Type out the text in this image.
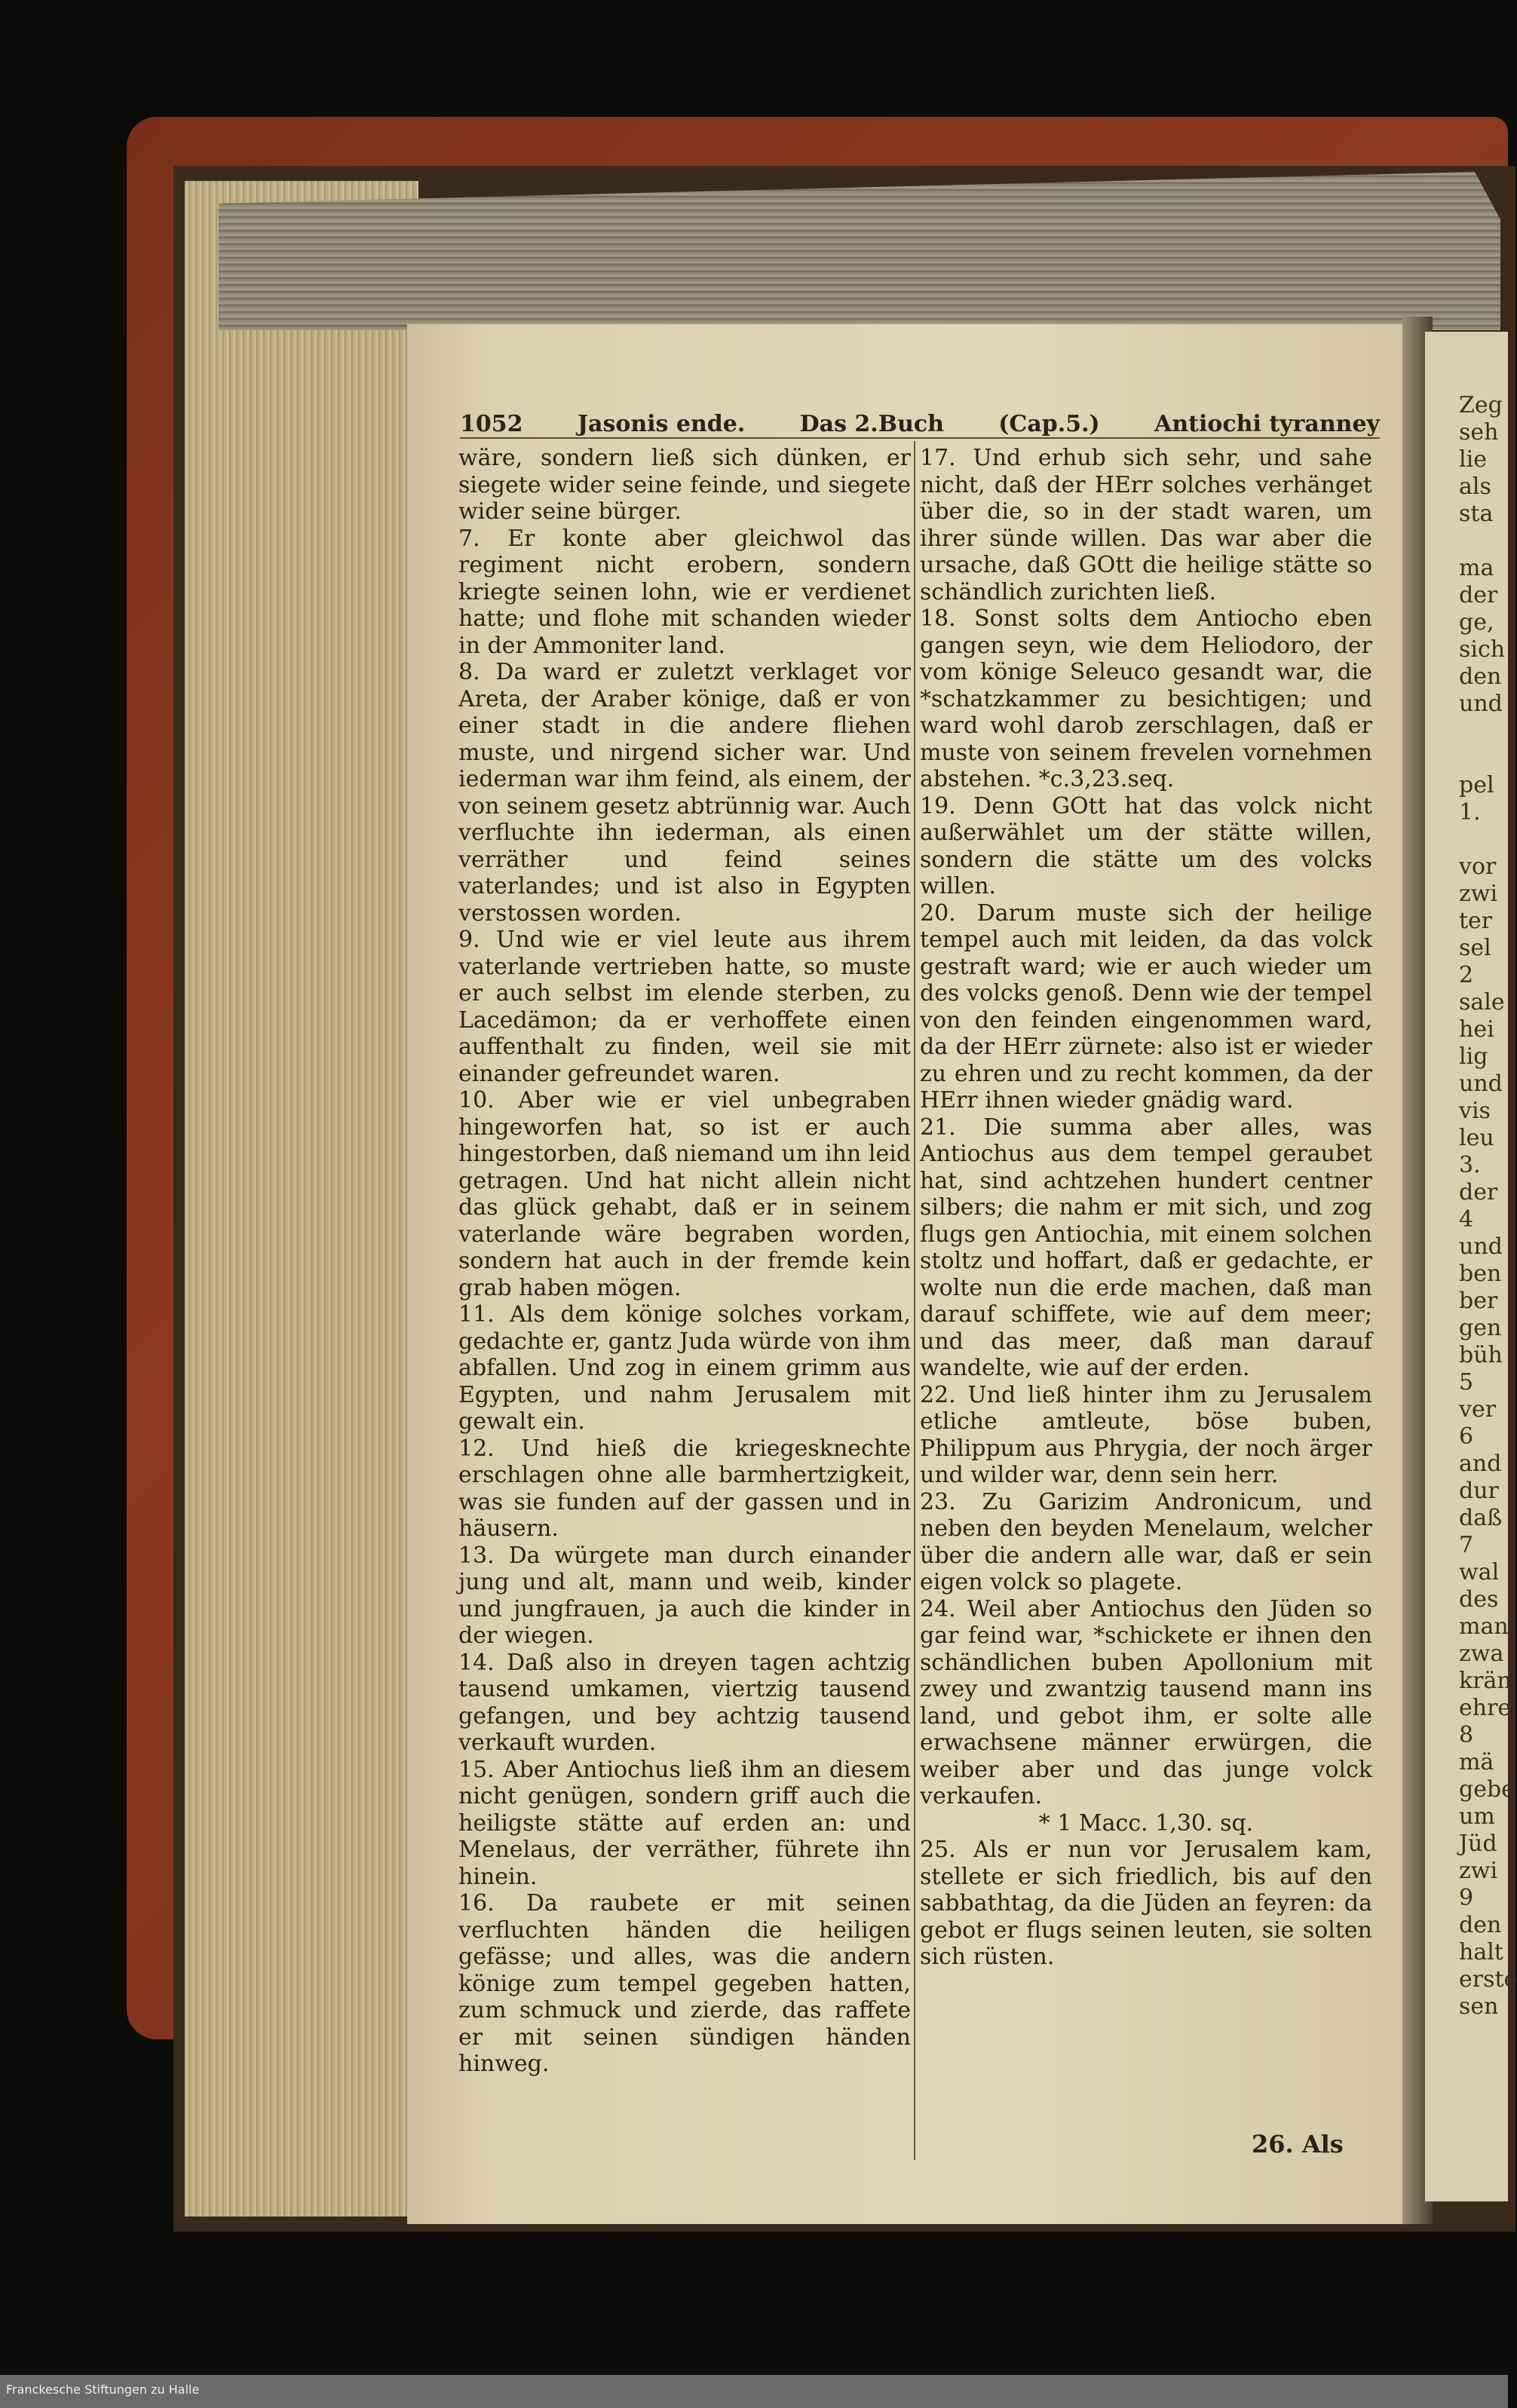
Zeg
seh
lie
als
sta

ma
der
ge,
sich
den
und

pel
1.

vor
zwi
ter
sel
2
sale
hei
lig
und
vis
leu
3.
der
4
und
ben
ber
gen
büh
5
ver
6
and
dur
daß
7
wal
des
man
zwa
krän
ehre
8
mä
gebe
um
Jüd
zwi
9
den
halt
erste
sen
1052 Jasonis ende. Das 2.Buch (Cap.5.) Antiochi tyranney

wäre, sondern ließ sich dünken, er siegete wider seine feinde, und siegete wider seine bürger.

7. Er konte aber gleichwol das regiment nicht erobern, sondern kriegte seinen lohn, wie er verdienet hatte; und flohe mit schanden wieder in der Ammoniter land.

8. Da ward er zuletzt verklaget vor Areta, der Araber könige, daß er von einer stadt in die andere fliehen muste, und nirgend sicher war. Und iederman war ihm feind, als einem, der von seinem gesetz abtrünnig war. Auch verfluchte ihn iederman, als einen verräther und feind seines vaterlandes; und ist also in Egypten verstossen worden.

9. Und wie er viel leute aus ihrem vaterlande vertrieben hatte, so muste er auch selbst im elende sterben, zu Lacedämon; da er verhoffete einen auffenthalt zu finden, weil sie mit einander gefreundet waren.

10. Aber wie er viel unbegraben hingeworfen hat, so ist er auch hingestorben, daß niemand um ihn leid getragen. Und hat nicht allein nicht das glück gehabt, daß er in seinem vaterlande wäre begraben worden, sondern hat auch in der fremde kein grab haben mögen.

11. Als dem könige solches vorkam, gedachte er, gantz Juda würde von ihm abfallen. Und zog in einem grimm aus Egypten, und nahm Jerusalem mit gewalt ein.

12. Und hieß die kriegesknechte erschlagen ohne alle barmhertzigkeit, was sie funden auf der gassen und in häusern.

13. Da würgete man durch einander jung und alt, mann und weib, kinder und jungfrauen, ja auch die kinder in der wiegen.

14. Daß also in dreyen tagen achtzig tausend umkamen, viertzig tausend gefangen, und bey achtzig tausend verkauft wurden.

15. Aber Antiochus ließ ihm an diesem nicht genügen, sondern griff auch die heiligste stätte auf erden an: und Menelaus, der verräther, führete ihn hinein.

16. Da raubete er mit seinen verfluchten händen die heiligen gefässe; und alles, was die andern könige zum tempel gegeben hatten, zum schmuck und zierde, das raffete er mit seinen sündigen händen hinweg.

17. Und erhub sich sehr, und sahe nicht, daß der HErr solches verhänget über die, so in der stadt waren, um ihrer sünde willen. Das war aber die ursache, daß GOtt die heilige stätte so schändlich zurichten ließ.

18. Sonst solts dem Antiocho eben gangen seyn, wie dem Heliodoro, der vom könige Seleuco gesandt war, die *schatzkammer zu besichtigen; und ward wohl darob zerschlagen, daß er muste von seinem frevelen vornehmen abstehen. *c.3,23.seq.

19. Denn GOtt hat das volck nicht außerwählet um der stätte willen, sondern die stätte um des volcks willen.

20. Darum muste sich der heilige tempel auch mit leiden, da das volck gestraft ward; wie er auch wieder um des volcks genoß. Denn wie der tempel von den feinden eingenommen ward, da der HErr zürnete: also ist er wieder zu ehren und zu recht kommen, da der HErr ihnen wieder gnädig ward.

21. Die summa aber alles, was Antiochus aus dem tempel geraubet hat, sind achtzehen hundert centner silbers; die nahm er mit sich, und zog flugs gen Antiochia, mit einem solchen stoltz und hoffart, daß er gedachte, er wolte nun die erde machen, daß man darauf schiffete, wie auf dem meer; und das meer, daß man darauf wandelte, wie auf der erden.

22. Und ließ hinter ihm zu Jerusalem etliche amtleute, böse buben, Philippum aus Phrygia, der noch ärger und wilder war, denn sein herr.

23. Zu Garizim Andronicum, und neben den beyden Menelaum, welcher über die andern alle war, daß er sein eigen volck so plagete.

24. Weil aber Antiochus den Jüden so gar feind war, *schickete er ihnen den schändlichen buben Apollonium mit zwey und zwantzig tausend mann ins land, und gebot ihm, er solte alle erwachsene männer erwürgen, die weiber aber und das junge volck verkaufen.

* 1 Macc. 1,30. sq.

25. Als er nun vor Jerusalem kam, stellete er sich friedlich, bis auf den sabbathtag, da die Jüden an feyren: da gebot er flugs seinen leuten, sie solten sich rüsten.

26. Als
Franckesche Stiftungen zu Halle
